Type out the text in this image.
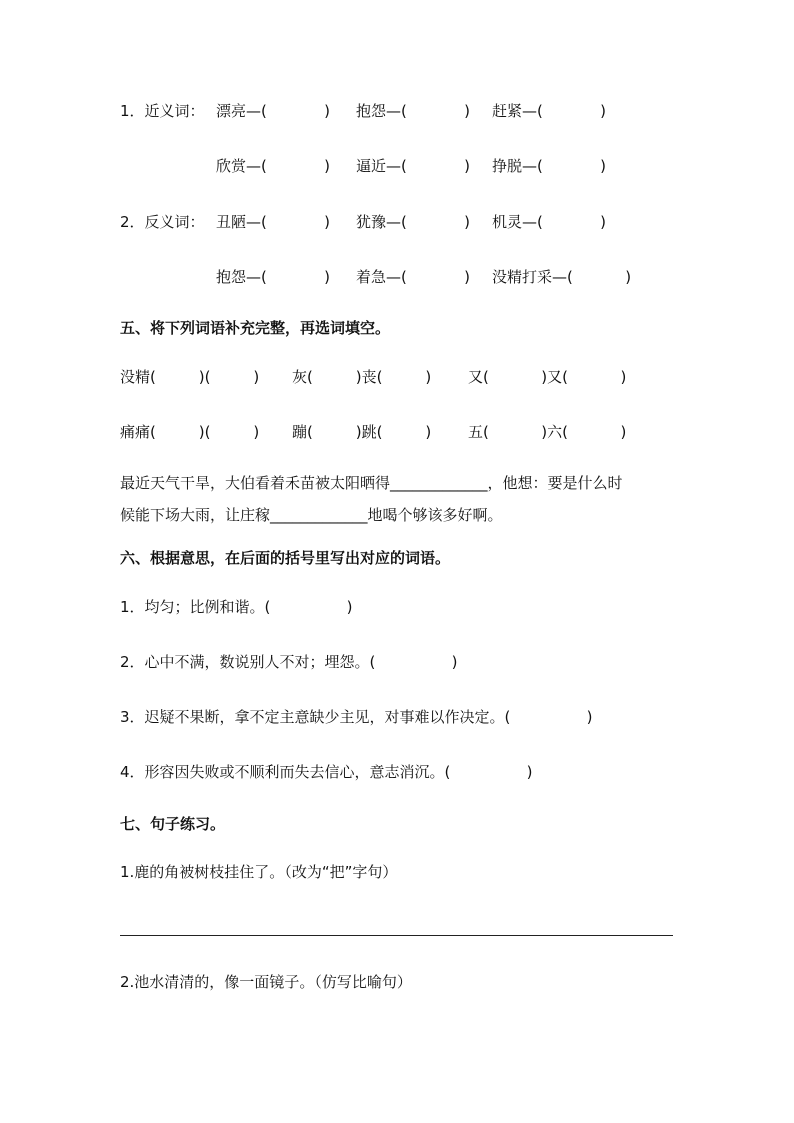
1．近义词： 漂亮—(            ) 抱怨—(            ) 赶紧—(            )
欣赏—(            ) 逼近—(            ) 挣脱—(            )
2．反义词： 丑陋—(            ) 犹豫—(            ) 机灵—(            )
抱怨—(            ) 着急—(            ) 没精打采—(           )
五、将下列词语补充完整，再选词填空。
没精(         )(         ) 灰(         )丧(         ) 又(           )又(           )
痛痛(         )(         ) 蹦(         )跳(         ) 五(           )六(           )
最近天气干旱，大伯看着禾苗被太阳晒得_____________，他想：要是什么时
候能下场大雨，让庄稼_____________地喝个够该多好啊。
六、根据意思，在后面的括号里写出对应的词语。
1．均匀；比例和谐。(                )
2．心中不满，数说别人不对；埋怨。(                )
3．迟疑不果断，拿不定主意缺少主见，对事难以作决定。(                )
4．形容因失败或不顺利而失去信心，意志消沉。(                )
七、句子练习。
1.鹿的角被树枝挂住了。（改为“把”字句）
2.池水清清的，像一面镜子。（仿写比喻句）
